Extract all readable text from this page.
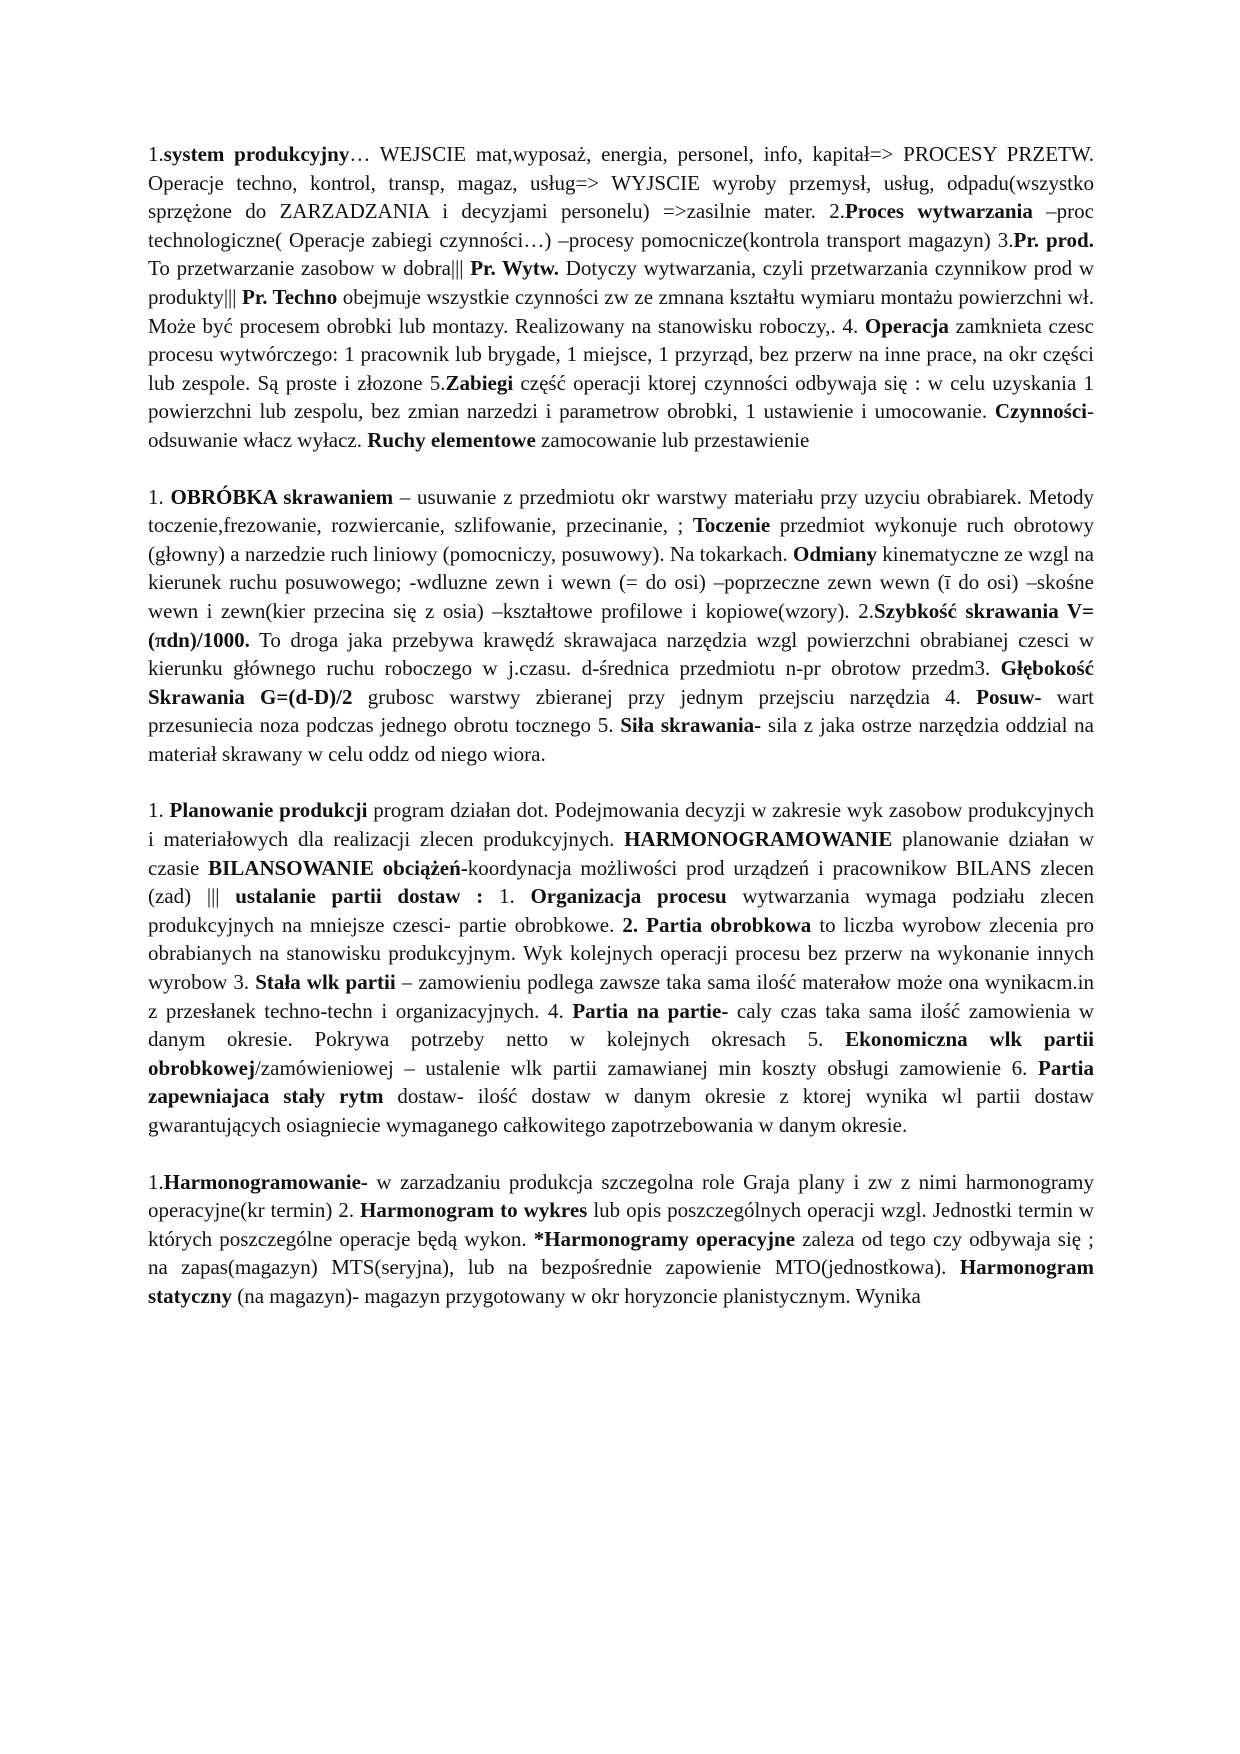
1.system produkcyjny… WEJSCIE mat,wyposaż, energia, personel, info, kapitał=> PROCESY PRZETW. Operacje techno, kontrol, transp, magaz, usług=> WYJSCIE wyroby przemysł, usług, odpadu(wszystko sprzężone do ZARZADZANIA i decyzjami personelu) =>zasilnie mater. 2.Proces wytwarzania –proc technologiczne( Operacje zabiegi czynności…) –procesy pomocnicze(kontrola transport magazyn) 3.Pr. prod. To przetwarzanie zasobow w dobra||| Pr. Wytw. Dotyczy wytwarzania, czyli przetwarzania czynnikow prod w produkty||| Pr. Techno obejmuje wszystkie czynności zw ze zmnana kształtu wymiaru montażu powierzchni wł. Może być procesem obrobki lub montazy. Realizowany na stanowisku roboczy,. 4. Operacja zamknieta czesc procesu wytwórczego: 1 pracownik lub brygade, 1 miejsce, 1 przyrząd, bez przerw na inne prace, na okr części lub zespole. Są proste i złozone 5.Zabiegi część operacji ktorej czynności odbywaja się : w celu uzyskania 1 powierzchni lub zespolu, bez zmian narzedzi i parametrow obrobki, 1 ustawienie i umocowanie. Czynności-odsuwanie włacz wyłacz. Ruchy elementowe zamocowanie lub przestawienie

1. OBRÓBKA skrawaniem – usuwanie z przedmiotu okr warstwy materiału przy uzyciu obrabiarek. Metody toczenie,frezowanie, rozwiercanie, szlifowanie, przecinanie, ; Toczenie przedmiot wykonuje ruch obrotowy (głowny) a narzedzie ruch liniowy (pomocniczy, posuwowy). Na tokarkach. Odmiany kinematyczne ze wzgl na kierunek ruchu posuwowego; -wdluzne zewn i wewn (= do osi) –poprzeczne zewn wewn (ī do osi) –skośne wewn i zewn(kier przecina się z osia) –kształtowe profilowe i kopiowe(wzory). 2.Szybkość skrawania V=(πdn)/1000. To droga jaka przebywa krawędź skrawajaca narzędzia wzgl powierzchni obrabianej czesci w kierunku głównego ruchu roboczego w j.czasu. d-średnica przedmiotu n-pr obrotow przedm3. Głębokość Skrawania G=(d-D)/2 grubosc warstwy zbieranej przy jednym przejsciu narzędzia 4. Posuw- wart przesuniecia noza podczas jednego obrotu tocznego 5. Siła skrawania- sila z jaka ostrze narzędzia oddzial na materiał skrawany w celu oddz od niego wiora.

1. Planowanie produkcji program działan dot. Podejmowania decyzji w zakresie wyk zasobow produkcyjnych i materiałowych dla realizacji zlecen produkcyjnych. HARMONOGRAMOWANIE planowanie działan w czasie BILANSOWANIE obciążeń-koordynacja możliwości prod urządzeń i pracownikow BILANS zlecen (zad) ||| ustalanie partii dostaw : 1. Organizacja procesu wytwarzania wymaga podziału zlecen produkcyjnych na mniejsze czesci- partie obrobkowe. 2. Partia obrobkowa to liczba wyrobow zlecenia pro obrabianych na stanowisku produkcyjnym. Wyk kolejnych operacji procesu bez przerw na wykonanie innych wyrobow 3. Stała wlk partii – zamowieniu podlega zawsze taka sama ilość materałow może ona wynikacm.in z przesłanek techno-techn i organizacyjnych. 4. Partia na partie- caly czas taka sama ilość zamowienia w danym okresie. Pokrywa potrzeby netto w kolejnych okresach 5. Ekonomiczna wlk partii obrobkowej/zamówieniowej – ustalenie wlk partii zamawianej min koszty obsługi zamowienie 6. Partia zapewniajaca stały rytm dostaw- ilość dostaw w danym okresie z ktorej wynika wl partii dostaw gwarantujących osiagniecie wymaganego całkowitego zapotrzebowania w danym okresie.

1.Harmonogramowanie- w zarzadzaniu produkcja szczegolna role Graja plany i zw z nimi harmonogramy operacyjne(kr termin) 2. Harmonogram to wykres lub opis poszczególnych operacji wzgl. Jednostki termin w których poszczególne operacje będą wykon. *Harmonogramy operacyjne zaleza od tego czy odbywaja się ; na zapas(magazyn) MTS(seryjna), lub na bezpośrednie zapowienie MTO(jednostkowa). Harmonogram statyczny (na magazyn)- magazyn przygotowany w okr horyzoncie planistycznym. Wynika
